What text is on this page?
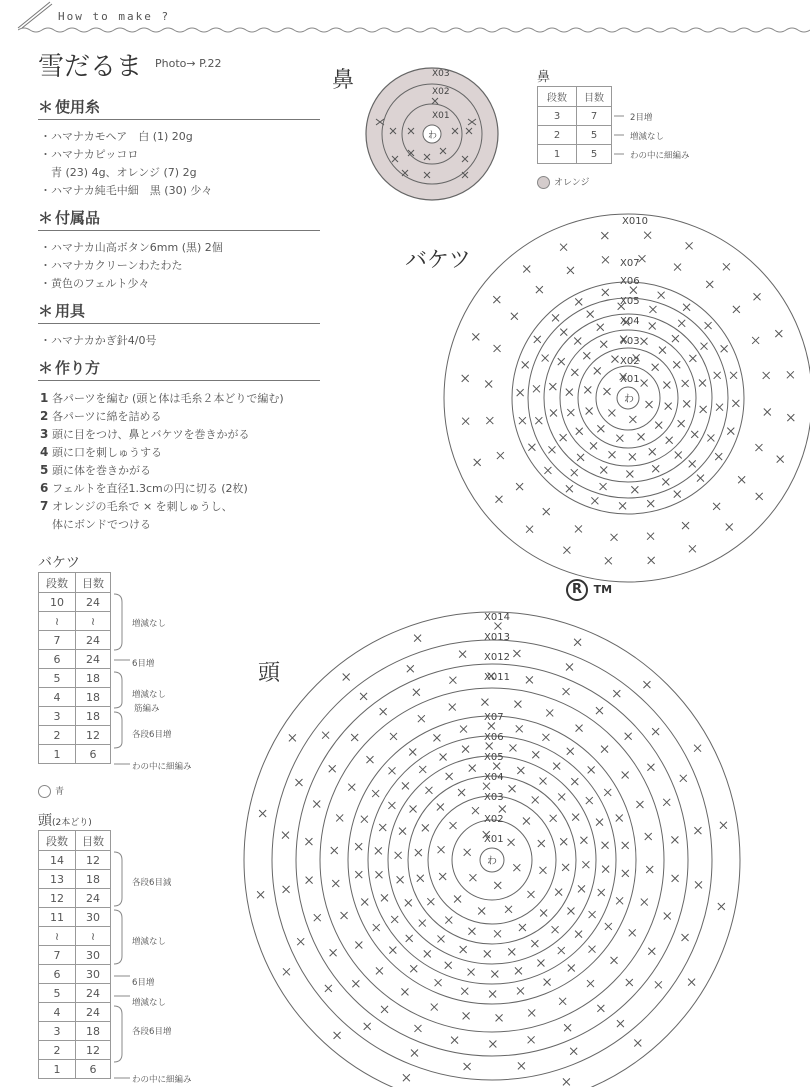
How to make ?
雪だるま Photo→ P.22
＊ 使用糸
・ハマナカモヘア　白 (1) 20g
・ハマナカピッコロ
　青 (23) 4g、オレンジ (7) 2g
・ハマナカ純毛中細　黒 (30) 少々
＊ 付属品
・ハマナカ山高ボタン6mm (黒) 2個
・ハマナカクリーンわたわた
・黄色のフェルト少々
＊ 用具
・ハマナカかぎ針4/0号
＊ 作り方
1 各パーツを編む (頭と体は毛糸２本どりで編む)
2 各パーツに綿を詰める
3 頭に目をつけ、鼻とバケツを巻きかがる
4 頭に口を刺しゅうする
5 頭に体を巻きかがる
6 フェルトを直径1.3cmの円に切る (2枚)
7 オレンジの毛糸で × を刺しゅうし、
体にボンドでつける
バケツ
段数	目数
10	24
≀	≀
7	24
6	24
5	18
4	18
3	18
2	12
1	6
増減なし
6目増
増減なし
筋編み
各段6目増
わの中に細編み
青
頭(2本どり)
段数	目数
14	12
13	18
12	24
11	30
≀	≀
7	30
6	30
5	24
4	24
3	18
2	12
1	6
各段6目減
増減なし
6目増
増減なし
各段6目増
わの中に細編み
鼻
段数	目数
3	7
2	5
1	5
2目増
増減なし
わの中に細編み
オレンジ
鼻
バケツ
頭
わ
X03
X02
X01
わ
X010
X07
X06
X05
X04
X03
X02
X01
R TM
わ
X014
X013
X012
X011
X07
X06
X05
X04
X03
X02
X01
